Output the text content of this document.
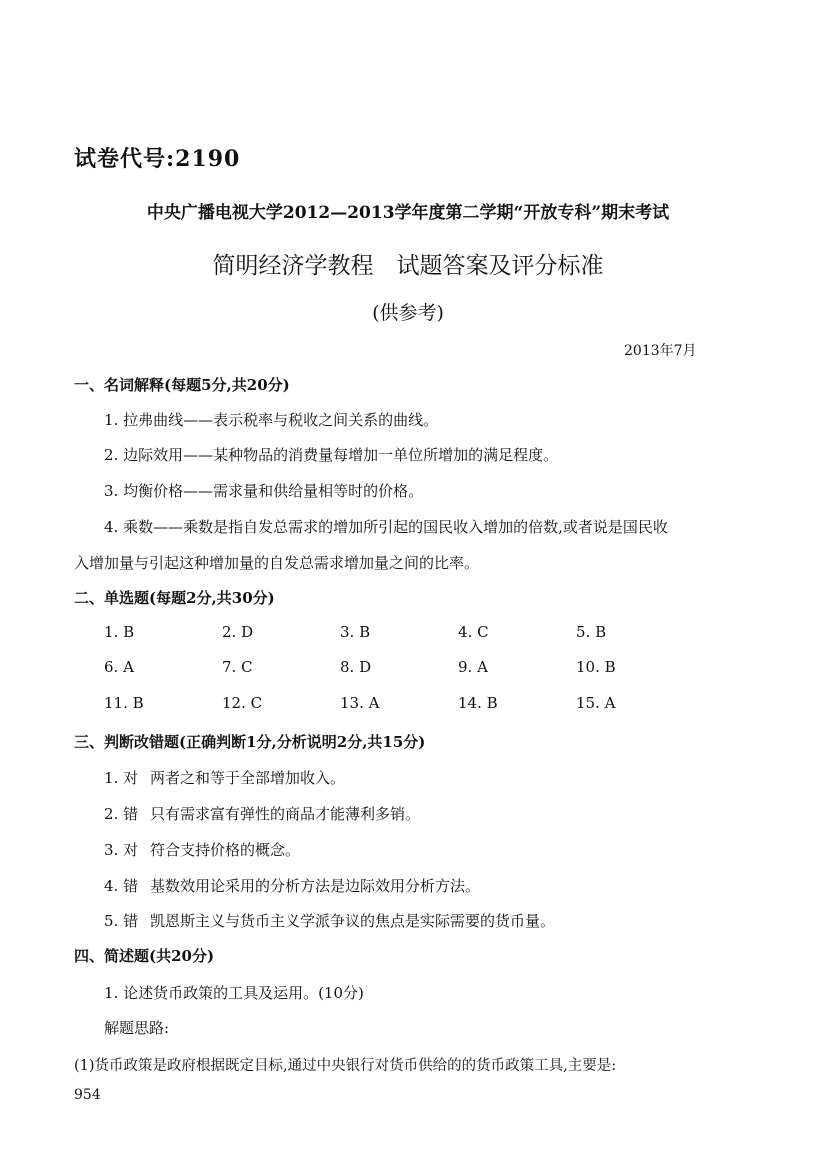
试卷代号:2190
中央广播电视大学2012—2013学年度第二学期“开放专科”期末考试
简明经济学教程　试题答案及评分标准
(供参考)
2013年7月
一、名词解释(每题5分,共20分)
1. 拉弗曲线——表示税率与税收之间关系的曲线。
2. 边际效用——某种物品的消费量每增加一单位所增加的满足程度。
3. 均衡价格——需求量和供给量相等时的价格。
4. 乘数——乘数是指自发总需求的增加所引起的国民收入增加的倍数,或者说是国民收
入增加量与引起这种增加量的自发总需求增加量之间的比率。
二、单选题(每题2分,共30分)
1. B	2. D	3. B	4. C	5. B
6. A	7. C	8. D	9. A	10. B
11. B	12. C	13. A	14. B	15. A
三、判断改错题(正确判断1分,分析说明2分,共15分)
1. 对 两者之和等于全部增加收入。
2. 错 只有需求富有弹性的商品才能薄利多销。
3. 对 符合支持价格的概念。
4. 错 基数效用论采用的分析方法是边际效用分析方法。
5. 错 凯恩斯主义与货币主义学派争议的焦点是实际需要的货币量。
四、简述题(共20分)
1. 论述货币政策的工具及运用。(10分)
解题思路:
(1)货币政策是政府根据既定目标,通过中央银行对货币供给的的货币政策工具,主要是:
954
